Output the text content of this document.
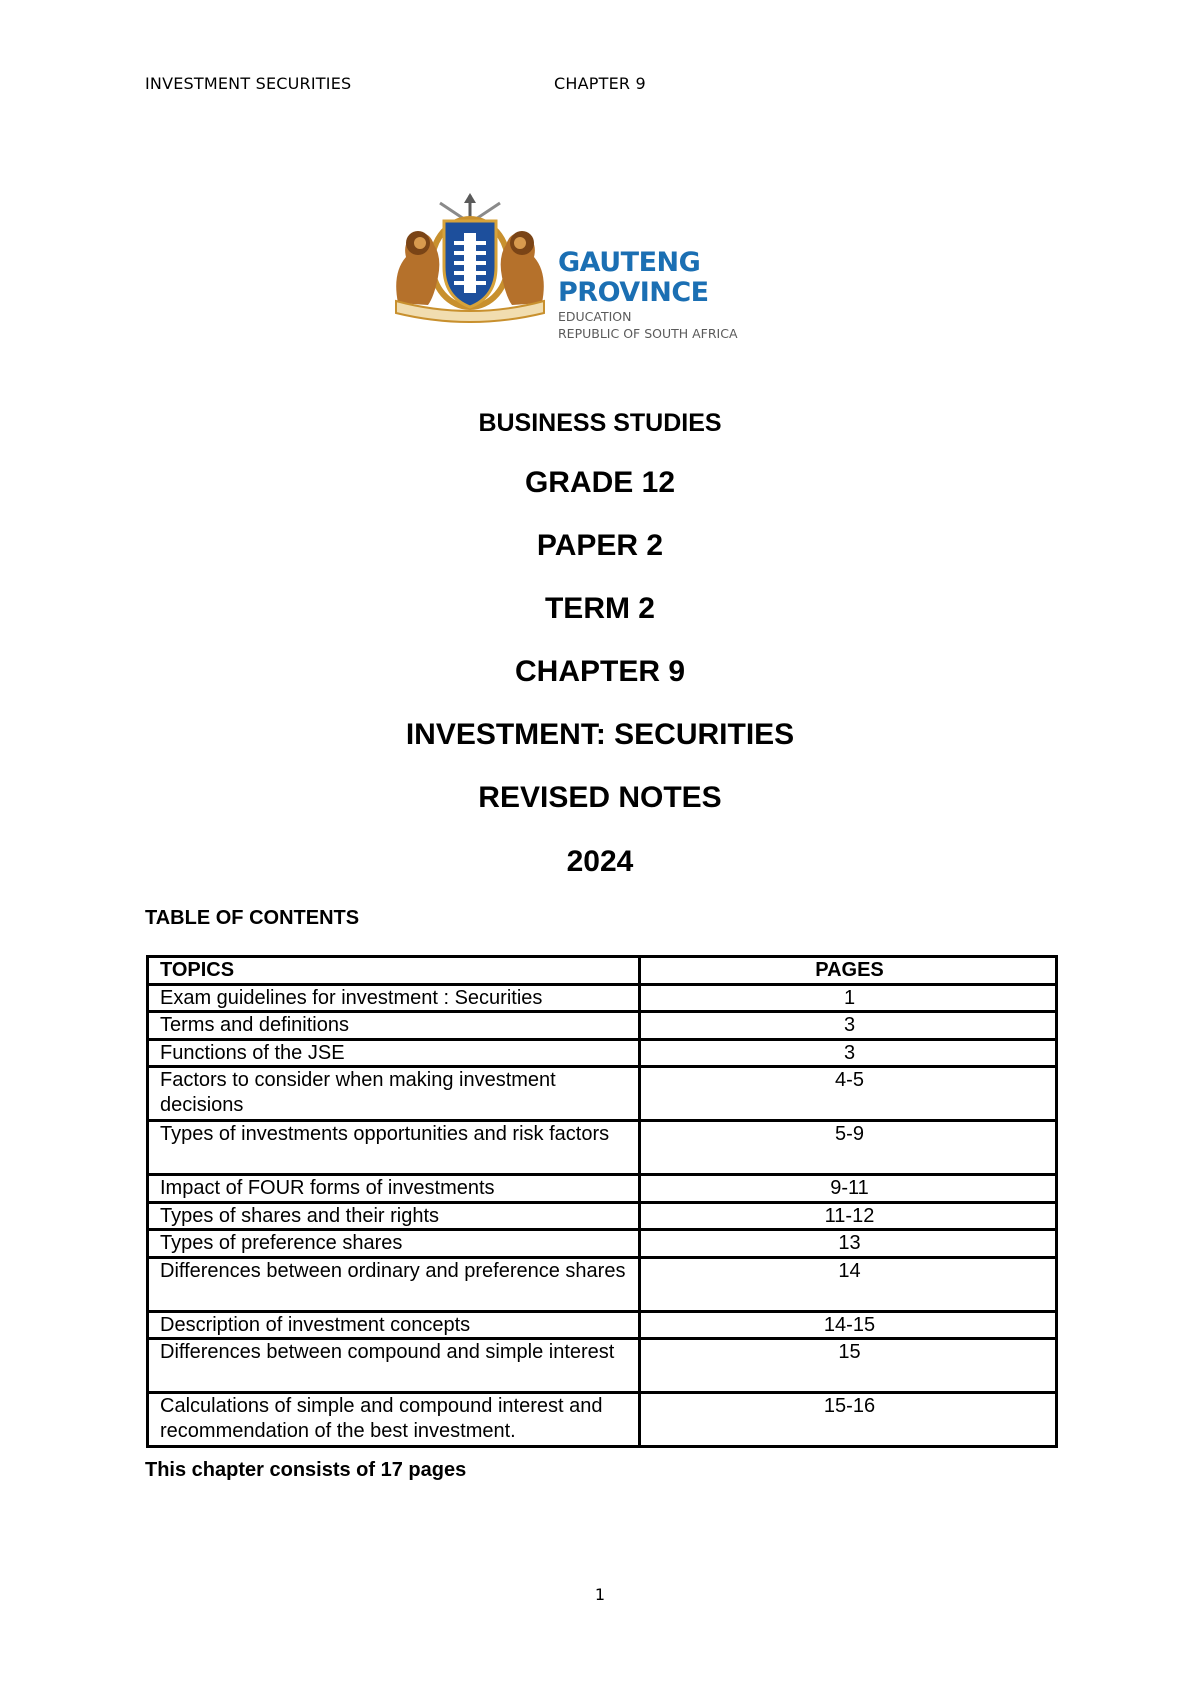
INVESTMENT SECURITIES	CHAPTER 9
GAUTENG PROVINCE
EDUCATION
REPUBLIC OF SOUTH AFRICA
BUSINESS STUDIES
GRADE 12
PAPER 2
TERM 2
CHAPTER 9
INVESTMENT: SECURITIES
REVISED NOTES
2024
TABLE OF CONTENTS
TOPICS	PAGES
Exam guidelines for investment : Securities	1
Terms and definitions	3
Functions of the JSE	3
Factors to consider when making investment decisions	4-5
Types of investments opportunities and risk factors	5-9
Impact of FOUR forms of investments	9-11
Types of shares and their rights	11-12
Types of preference shares	13
Differences between ordinary and preference shares	14
Description of investment concepts	14-15
Differences between compound and simple interest	15
Calculations of simple and compound interest and recommendation of the best investment.	15-16
This chapter consists of 17 pages
1
